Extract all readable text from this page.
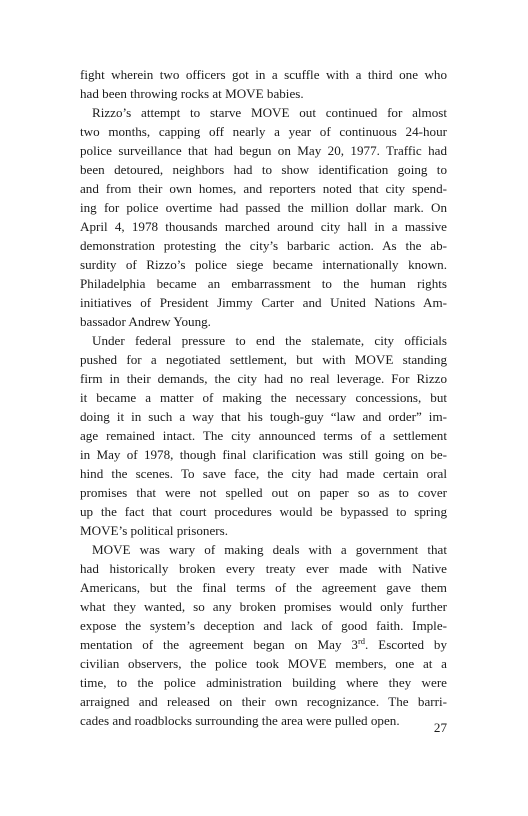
fight wherein two officers got in a scuffle with a third one who
had been throwing rocks at MOVE babies.
Rizzo’s attempt to starve MOVE out continued for almost
two months, capping off nearly a year of continuous 24-hour
police surveillance that had begun on May 20, 1977. Traffic had
been detoured, neighbors had to show identification going to
and from their own homes, and reporters noted that city spend-
ing for police overtime had passed the million dollar mark. On
April 4, 1978 thousands marched around city hall in a massive
demonstration protesting the city’s barbaric action. As the ab-
surdity of Rizzo’s police siege became internationally known.
Philadelphia became an embarrassment to the human rights
initiatives of President Jimmy Carter and United Nations Am-
bassador Andrew Young.
Under federal pressure to end the stalemate, city officials
pushed for a negotiated settlement, but with MOVE standing
firm in their demands, the city had no real leverage. For Rizzo
it became a matter of making the necessary concessions, but
doing it in such a way that his tough-guy “law and order” im-
age remained intact. The city announced terms of a settlement
in May of 1978, though final clarification was still going on be-
hind the scenes. To save face, the city had made certain oral
promises that were not spelled out on paper so as to cover
up the fact that court procedures would be bypassed to spring
MOVE’s political prisoners.
MOVE was wary of making deals with a government that
had historically broken every treaty ever made with Native
Americans, but the final terms of the agreement gave them
what they wanted, so any broken promises would only further
expose the system’s deception and lack of good faith. Imple-
mentation of the agreement began on May 3rd. Escorted by
civilian observers, the police took MOVE members, one at a
time, to the police administration building where they were
arraigned and released on their own recognizance. The barri-
cades and roadblocks surrounding the area were pulled open.	27
